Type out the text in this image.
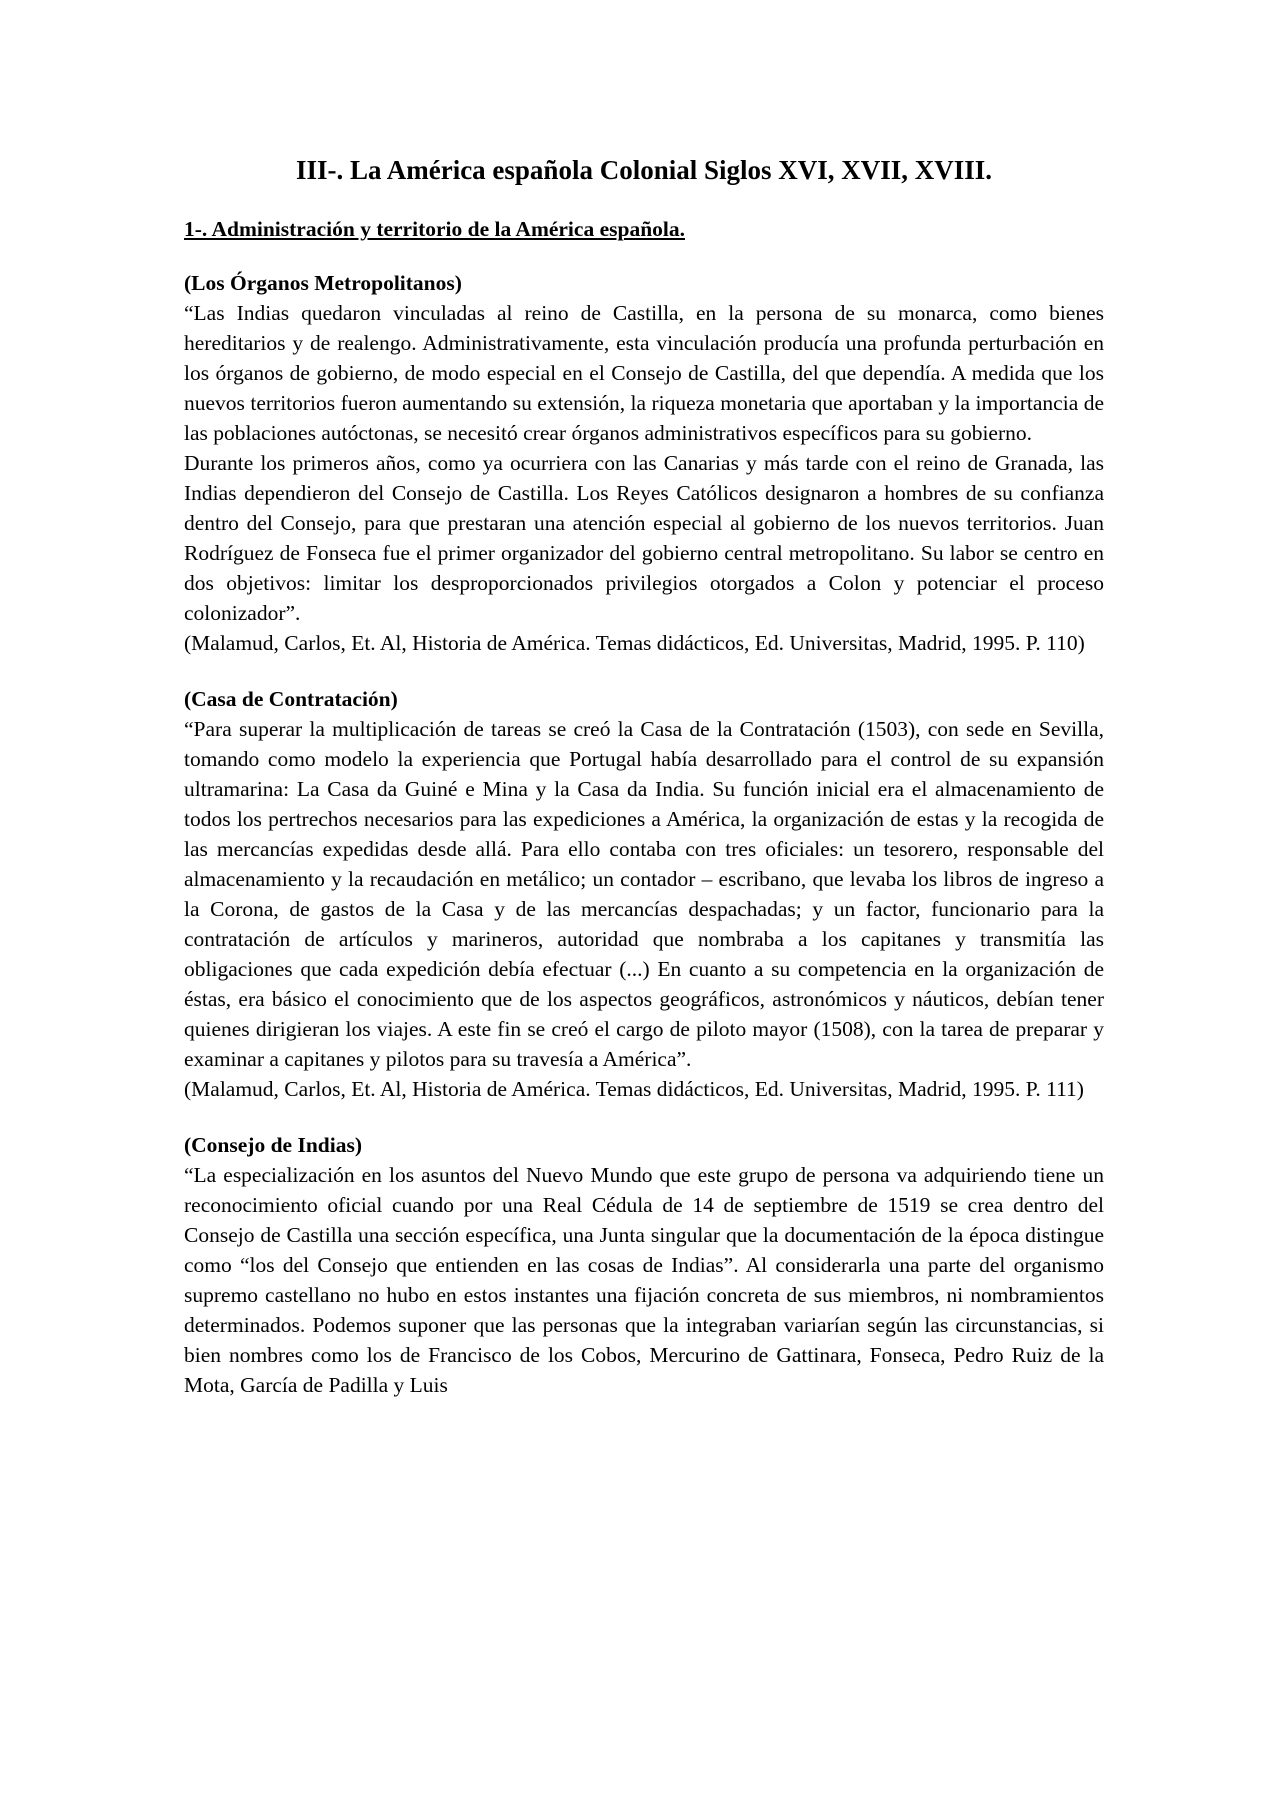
III-. La América española Colonial Siglos XVI, XVII, XVIII.
1-. Administración y territorio de la América española.

(Los Órganos Metropolitanos)

“Las Indias quedaron vinculadas al reino de Castilla, en la persona de su monarca, como bienes hereditarios y de realengo. Administrativamente, esta vinculación producía una profunda perturbación en los órganos de gobierno, de modo especial en el Consejo de Castilla, del que dependía. A medida que los nuevos territorios fueron aumentando su extensión, la riqueza monetaria que aportaban y la importancia de las poblaciones autóctonas, se necesitó crear órganos administrativos específicos para su gobierno.

Durante los primeros años, como ya ocurriera con las Canarias y más tarde con el reino de Granada, las Indias dependieron del Consejo de Castilla. Los Reyes Católicos designaron a hombres de su confianza dentro del Consejo, para que prestaran una atención especial al gobierno de los nuevos territorios. Juan Rodríguez de Fonseca fue el primer organizador del gobierno central metropolitano. Su labor se centro en dos objetivos: limitar los desproporcionados privilegios otorgados a Colon y potenciar el proceso colonizador”.

(Malamud, Carlos, Et. Al, Historia de América. Temas didácticos, Ed. Universitas, Madrid, 1995. P. 110)

(Casa de Contratación)

“Para superar la multiplicación de tareas se creó la Casa de la Contratación (1503), con sede en Sevilla, tomando como modelo la experiencia que Portugal había desarrollado para el control de su expansión ultramarina: La Casa da Guiné e Mina y la Casa da India. Su función inicial era el almacenamiento de todos los pertrechos necesarios para las expediciones a América, la organización de estas y la recogida de las mercancías expedidas desde allá. Para ello contaba con tres oficiales: un tesorero, responsable del almacenamiento y la recaudación en metálico; un contador – escribano, que levaba los libros de ingreso a la Corona, de gastos de la Casa y de las mercancías despachadas; y un factor, funcionario para la contratación de artículos y marineros, autoridad que nombraba a los capitanes y transmitía las obligaciones que cada expedición debía efectuar (...) En cuanto a su competencia en la organización de éstas, era básico el conocimiento que de los aspectos geográficos, astronómicos y náuticos, debían tener quienes dirigieran los viajes. A este fin se creó el cargo de piloto mayor (1508), con la tarea de preparar y examinar a capitanes y pilotos para su travesía a América”.

(Malamud, Carlos, Et. Al, Historia de América. Temas didácticos, Ed. Universitas, Madrid, 1995. P. 111)

(Consejo de Indias)

“La especialización en los asuntos del Nuevo Mundo que este grupo de persona va adquiriendo tiene un reconocimiento oficial cuando por una Real Cédula de 14 de septiembre de 1519 se crea dentro del Consejo de Castilla una sección específica, una Junta singular que la documentación de la época distingue como “los del Consejo que entienden en las cosas de Indias”. Al considerarla una parte del organismo supremo castellano no hubo en estos instantes una fijación concreta de sus miembros, ni nombramientos determinados. Podemos suponer que las personas que la integraban variarían según las circunstancias, si bien nombres como los de Francisco de los Cobos, Mercurino de Gattinara, Fonseca, Pedro Ruiz de la Mota, García de Padilla y Luis
